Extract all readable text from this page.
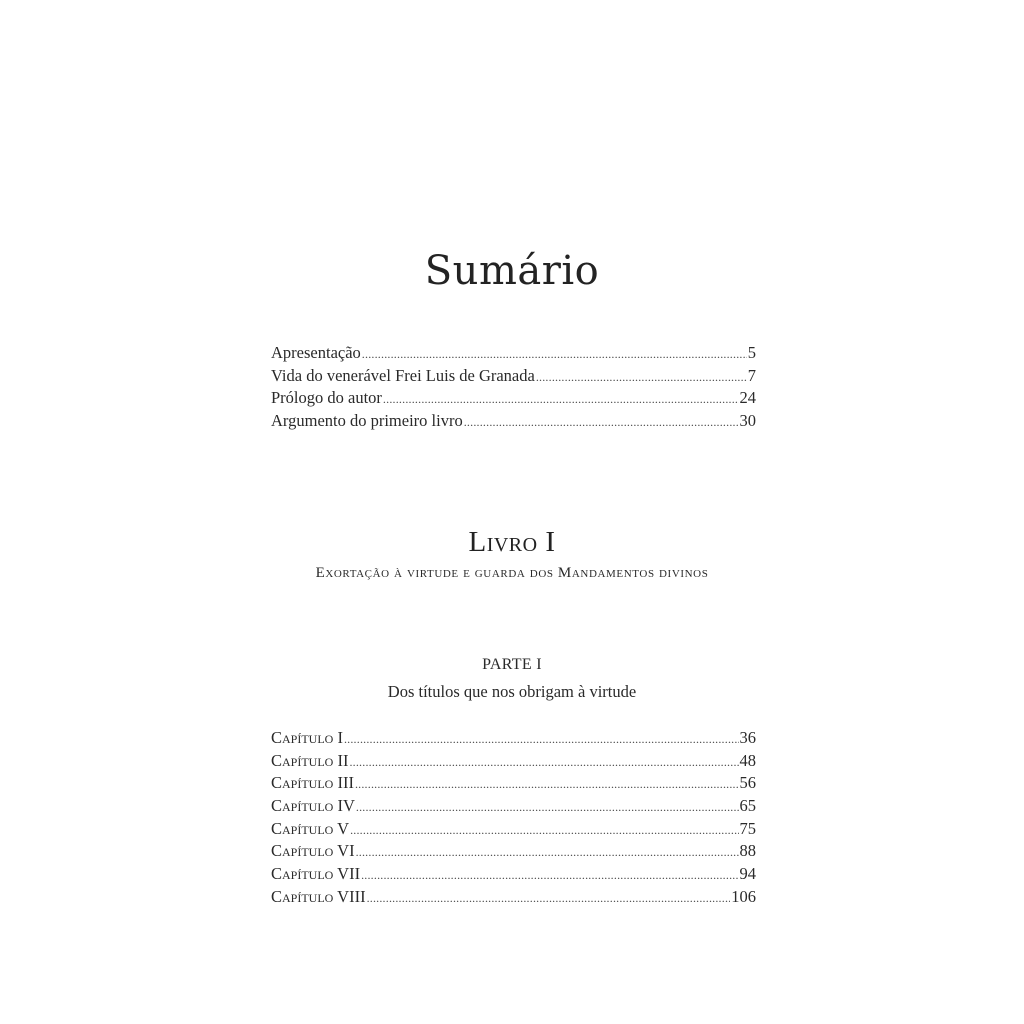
Sumário
Apresentação .....	5
Vida do venerável Frei Luis de Granada .....	7
Prólogo do autor .....	24
Argumento do primeiro livro .....	30
Livro I
Exortação à virtude e guarda dos Mandamentos divinos
PARTE I
Dos títulos que nos obrigam à virtude
Capítulo I .....	36
Capítulo II .....	48
Capítulo III .....	56
Capítulo IV .....	65
Capítulo V .....	75
Capítulo VI .....	88
Capítulo VII .....	94
Capítulo VIII .....	106
